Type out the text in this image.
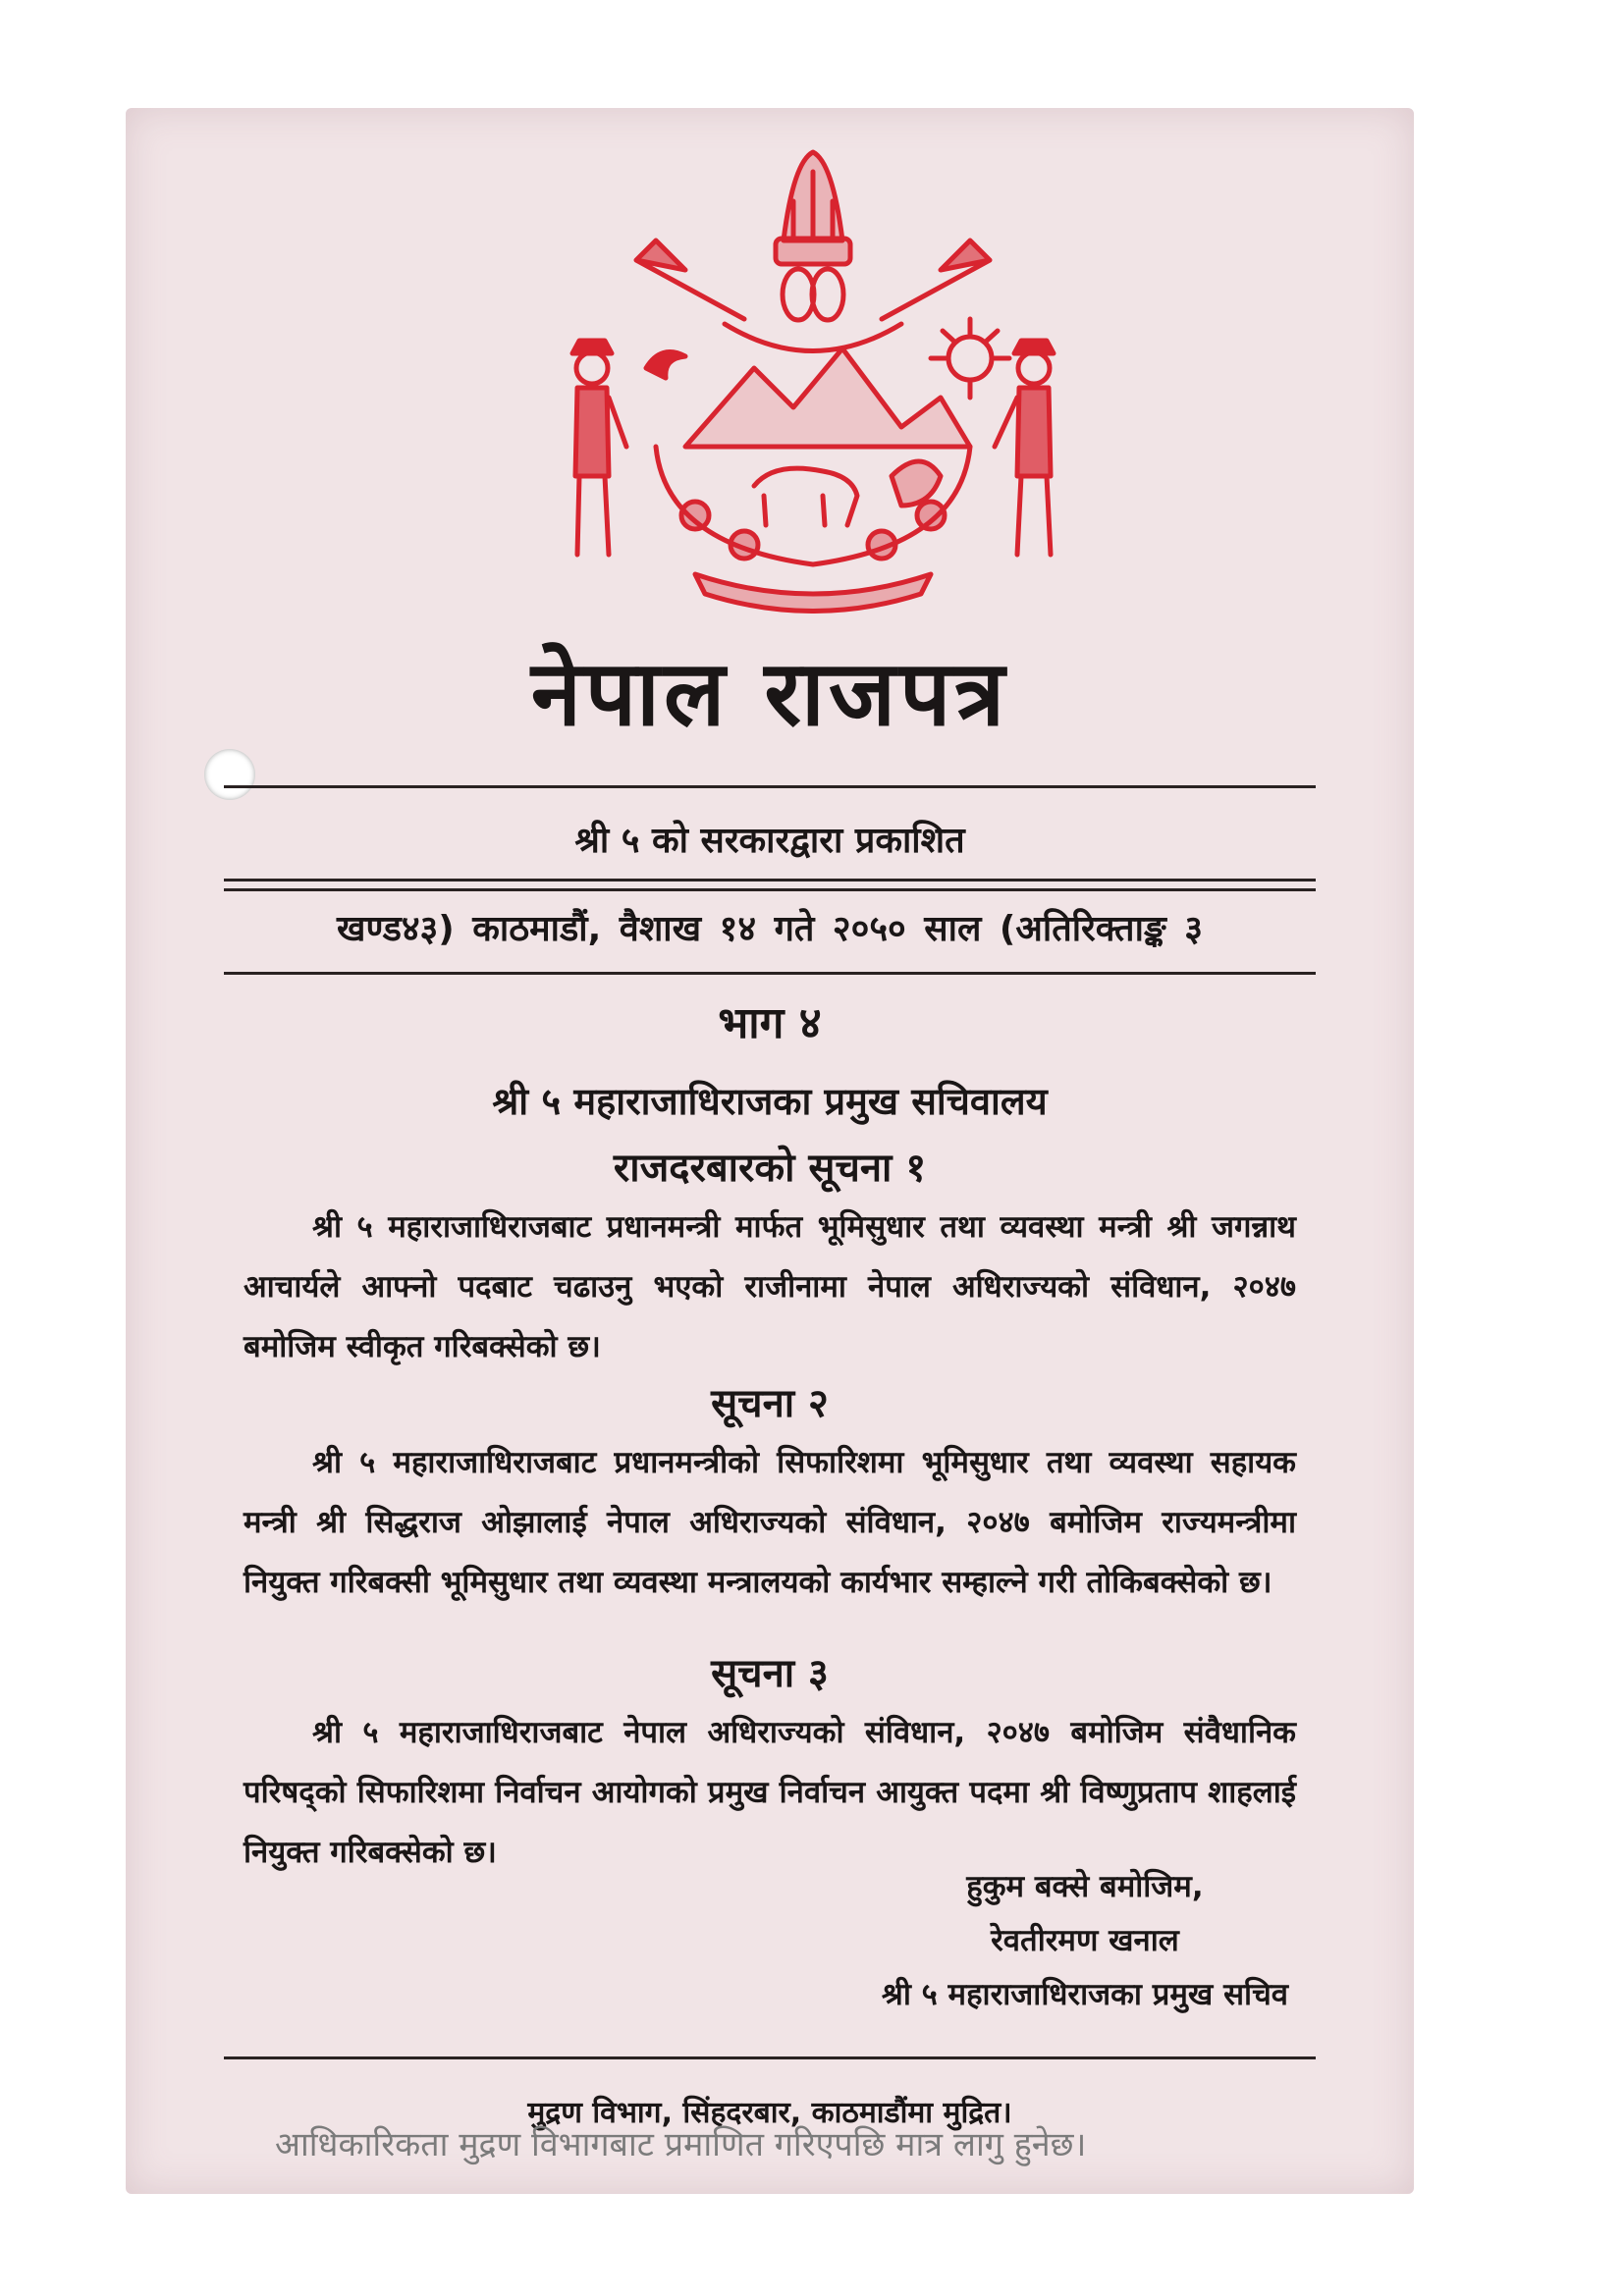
नेपाल राजपत्र
श्री ५ को सरकारद्वारा प्रकाशित
खण्ड४३) काठमाडौं, वैशाख १४ गते २०५० साल (अतिरिक्ताङ्क ३
भाग ४
श्री ५ महाराजाधिराजका प्रमुख सचिवालय
राजदरबारको सूचना १
श्री ५ महाराजाधिराजबाट प्रधानमन्त्री मार्फत भूमिसुधार तथा व्यवस्था मन्त्री श्री जगन्नाथ आचार्यले आफ्नो पदबाट चढाउनु भएको राजीनामा नेपाल अधिराज्यको संविधान, २०४७ बमोजिम स्वीकृत गरिबक्सेको छ।
सूचना २
श्री ५ महाराजाधिराजबाट प्रधानमन्त्रीको सिफारिशमा भूमिसुधार तथा व्यवस्था सहायक मन्त्री श्री सिद्धराज ओझालाई नेपाल अधिराज्यको संविधान, २०४७ बमोजिम राज्यमन्त्रीमा नियुक्त गरिबक्सी भूमिसुधार तथा व्यवस्था मन्त्रालयको कार्यभार सम्हाल्ने गरी तोकिबक्सेको छ।
सूचना ३
श्री ५ महाराजाधिराजबाट नेपाल अधिराज्यको संविधान, २०४७ बमोजिम संवैधानिक परिषद्को सिफारिशमा निर्वाचन आयोगको प्रमुख निर्वाचन आयुक्त पदमा श्री विष्णुप्रताप शाहलाई नियुक्त गरिबक्सेको छ।
हुकुम बक्से बमोजिम,
रेवतीरमण खनाल
श्री ५ महाराजाधिराजका प्रमुख सचिव
मुद्रण विभाग, सिंहदरबार, काठमाडौंमा मुद्रित।
आधिकारिकता मुद्रण विभागबाट प्रमाणित गरिएपछि मात्र लागु हुनेछ।
